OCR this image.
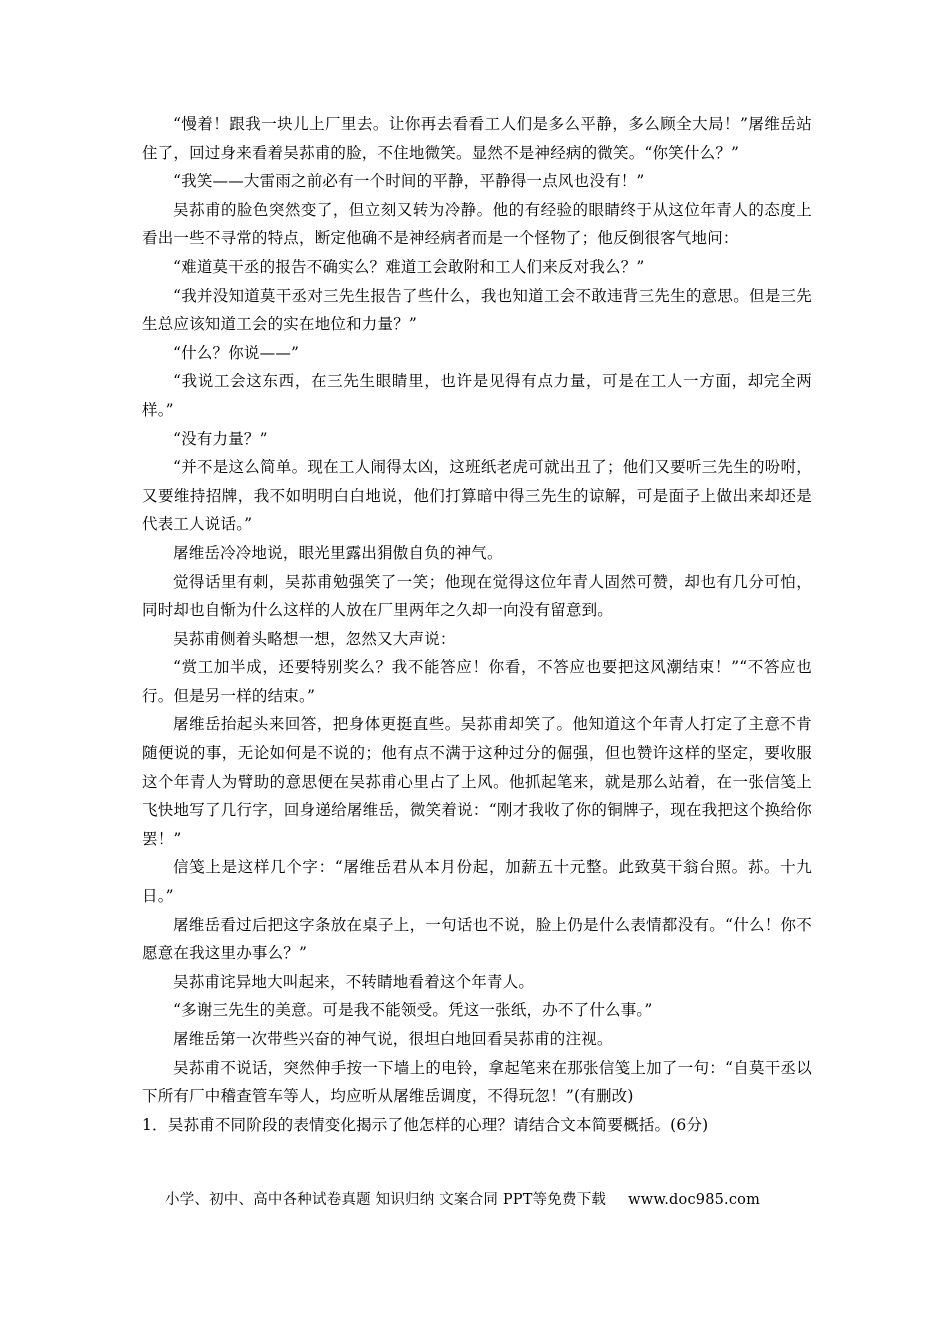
“慢着！跟我一块儿上厂里去。让你再去看看工人们是多么平静，多么顾全大局！”屠维岳站住了，回过身来看着吴荪甫的脸，不住地微笑。显然不是神经病的微笑。“你笑什么？”

“我笑——大雷雨之前必有一个时间的平静，平静得一点风也没有！”

吴荪甫的脸色突然变了，但立刻又转为冷静。他的有经验的眼睛终于从这位年青人的态度上看出一些不寻常的特点，断定他确不是神经病者而是一个怪物了；他反倒很客气地问：

“难道莫干丞的报告不确实么？难道工会敢附和工人们来反对我么？”

“我并没知道莫干丞对三先生报告了些什么，我也知道工会不敢违背三先生的意思。但是三先生总应该知道工会的实在地位和力量？”

“什么？你说——”

“我说工会这东西，在三先生眼睛里，也许是见得有点力量，可是在工人一方面，却完全两样。”

“没有力量？”

“并不是这么简单。现在工人闹得太凶，这班纸老虎可就出丑了；他们又要听三先生的吩咐，又要维持招牌，我不如明明白白地说，他们打算暗中得三先生的谅解，可是面子上做出来却还是代表工人说话。”

屠维岳冷冷地说，眼光里露出狷傲自负的神气。

觉得话里有刺，吴荪甫勉强笑了一笑；他现在觉得这位年青人固然可赞，却也有几分可怕，同时却也自惭为什么这样的人放在厂里两年之久却一向没有留意到。

吴荪甫侧着头略想一想，忽然又大声说：

“赏工加半成，还要特别奖么？我不能答应！你看，不答应也要把这风潮结束！”“不答应也行。但是另一样的结束。”

屠维岳抬起头来回答，把身体更挺直些。吴荪甫却笑了。他知道这个年青人打定了主意不肯随便说的事，无论如何是不说的；他有点不满于这种过分的倔强，但也赞许这样的坚定，要收服这个年青人为臂助的意思便在吴荪甫心里占了上风。他抓起笔来，就是那么站着，在一张信笺上飞快地写了几行字，回身递给屠维岳，微笑着说：“刚才我收了你的铜牌子，现在我把这个换给你罢！”

信笺上是这样几个字：“屠维岳君从本月份起，加薪五十元整。此致莫干翁台照。荪。十九日。”

屠维岳看过后把这字条放在桌子上，一句话也不说，脸上仍是什么表情都没有。“什么！你不愿意在我这里办事么？”

吴荪甫诧异地大叫起来，不转睛地看着这个年青人。

“多谢三先生的美意。可是我不能领受。凭这一张纸，办不了什么事。”

屠维岳第一次带些兴奋的神气说，很坦白地回看吴荪甫的注视。

吴荪甫不说话，突然伸手按一下墙上的电铃，拿起笔来在那张信笺上加了一句：“自莫干丞以下所有厂中稽查管车等人，均应听从屠维岳调度，不得玩忽！”(有删改)

1．吴荪甫不同阶段的表情变化揭示了他怎样的心理？请结合文本简要概括。(6分)

小学、初中、高中各种试卷真题 知识归纳 文案合同 PPT等免费下载 www.doc985.com
